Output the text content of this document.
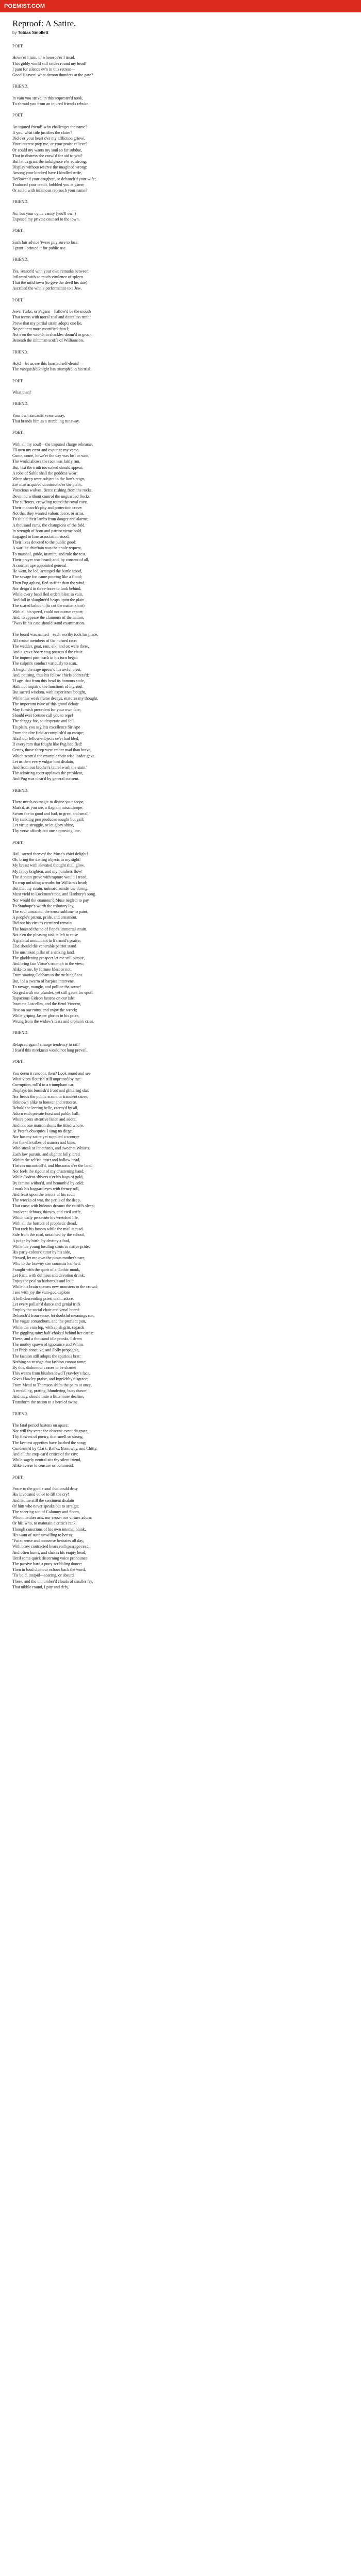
POEMIST.COM
Reproof: A Satire.
by Tobias Smollett
POET.
Howe'er I turn, or wheresoe'er I tread,
This giddy world still rattles round my head!
I pant for silence ev'n in this retreat—
Good Heaven! what demon thunders at the gate?
FRIEND.
In vain you strive, in this sequester'd nook,
To shroud you from an injured friend's rebuke.
POET.
An injured friend!-who challenges the name?
If you, what title justifies the claim?
Did e'er your heart o'er my affliction grieve,
Your interest prop me, or your praise relieve?
Or could my wants my soul so far subdue,
That in distress she crawl'd for aid to you?
But let us grant the indulgence e'er so strong;
Display without reserve the imagined wrong:
Among your kindred have I kindled strife,
Deflower'd your daughter, or debauch'd your wife;
Traduced your credit, bubbled you at game;
Or soil'd with infamous reproach your name?
FRIEND.
No; but your cynic vanity (you'll own)
Exposed my private counsel to the town.
POET.
Such fair advice 'twere pity sure to lose:
I grant I printed it for public use.
FRIEND.
Yes, season'd with your own remarks between,
Inflamed with so much virulence of spleen
That the mild town (to give the devil his due)
Ascribed the whole performance to a Jew.
POET.
Jews, Turks, or Pagans—hallow'd be the mouth
That teems with moral zeal and dauntless truth!
Prove that my partial strain adopts one lie,
No penitent more mortified than I;
Not e'en the wretch in shackles doom'd to groan,
Beneath the inhuman scoffs of Williamson.
FRIEND.
Hold—let us see this boasted self-denial—
The vanquish'd knight has triumph'd in his trial.
POET.
What then?
FRIEND.
Your own sarcastic verse unsay,
That brands him as a trembling runaway.
POET.
With all my soul!—the imputed charge rehearse;
I'll own my error and expunge my verse.
Come, come, howe'er the day was lost or won,
The world allows the race was fairly run.
But, lest the truth too naked should appear,
A robe of Sable shall the goddess wear:
When sheep were subject to the lion's reign,
Ere man acquired dominion o'er the plain,
Voracious wolves, fierce rushing from the rocks,
Devour'd without control the unguarded flocks:
The sufferers, crowding round the royal cave,
Their monarch's pity and protection crave:
Not that they wanted valour, force, or arms,
To shield their lambs from danger and alarms;
A thousand rams, the champions of the fold,
In strength of horn and patriot virtue bold,
Engaged in firm association stood,
Their lives devoted to the public good:
A warlike chieftain was their sole request,
To marshal, guide, instruct, and rule the rest.
Their prayer was heard; and, by consent of all,
A courtier ape appointed general.
He went, he led, arranged the battle stood,
The savage foe came pouring like a flood;
Then Pug aghast, fled swifter than the wind,
Nor deign'd in three-leave to look behind;
While every band fled orders bleat in vain,
And fall in slaughter'd heaps upon the plain.
The scared baboon, (to cut the matter short)
With all his speed, could not outrun report;
And, to appease the clamours of the nation,
'Twas fit his case should stand examination.

The board was named—each worthy took his place,
All senior members of the horned race:
The wedder, goat, ram, elk, and ox were there,
And a grave hoary stag possess'd the chair.
The inquest past, each in his turn began
The culprit's conduct variously to scan.
A length the sage uprear'd his awful crest,
And, pausing, thus his fellow chiefs address'd:
'If age, that from this head its honours stole,
Hath not impair'd the functions of my soul,
But sacred wisdom, with experience bought,
While this weak frame decays, matures my thought,
The important issue of this grand debate
May furnish precedent for your own fate;
Should ever fortune call you to repel
The shaggy foe, so desperate and fell.
Tis plain, you say, his excellence Sir Ape
From the dire field accomplish'd an escape;
Alas! our fellow-subjects ne'er had bled,
If every ram that fought like Pug had fled!
Certes, those sheep were rather mad than brave,
Which scorn'd the example their wise leader gave.
Let us then every vulgar hint disdain,
And from our brother's laurel wash the stain.'
The admiring court applauds the president,
And Pug was clear'd by general consent.
FRIEND.
There needs no magic to divine your scope,
Mark'd, as you are, a flagrant misanthrope:
Sworn foe to good and bad, to great and small,
Thy rankling pen produces nought but gall:
Let virtue struggle, or let glory shine,
Thy verse affords not one approving line.
POET.
Hail, sacred themes! the Muse's chief delight!
Oh, bring the darling objects to my sight!
My breast with elevated thought shall glow,
My fancy brighten, and my numbers flow!
The Aonian grove with rapture would I tread,
To crop unfading wreaths for William's head;
But that my strain, unheard amidst the throng,
Must yield to Lockman's ode, and Hanbury's song.
Nor would the enamour'd Muse neglect to pay
To Stanhope's worth the tributary lay,
The soul unstain'd, the sense sublime to paint,
A people's patron, pride, and ornament,
Did not his virtues eternized remain
The boasted theme of Pope's immortal strain.
Not e'en the pleasing task is left to raise
A grateful monument to Barnard's praise;
Else should the venerable patriot stand
The unshaken pillar of a sinking land.
The gladdening prospect let me still pursue,
And bring fair Virtue's triumph to the view;
Alike to me, by fortune blest or not,
From soaring Cobham to the melting Scot.
But, lo! a swarm of harpies intervene,
To ravage, mangle, and pollute the scene!
Gorged with our plunder, yet still gaunt for spoil,
Rapacious Gideon fastens on our isle:
Insatiate Lascelles, and the fiend Vincent,
Rise on our ruins, and enjoy the wreck;
While griping Jasper glories in his prize,
Wrung from the widow's tears and orphan's cries.
FRIEND.
Relapsed again! strange tendency to rail!
I fear'd this meekness would not long prevail.
POET.
You deem it rancour, then? Look round and see
What vices flourish still unpruned by me:
Corruption, roll'd in a triumphant car,
Displays his burnish'd front and glittering star;
Nor heeds the public scorn, or transient curse,
Unknown alike to honour and remorse.
Behold the leering belle, caress'd by all,
Adorn each private feast and public ball;
Where peers attentive listen and adore,
And not one matron shuns the titled whore.
At Peter's obsequies I sung no dirge;
Nor has my satire yet supplied a scourge
For the vile tribes of usurers and bites,
Who sneak at Jonathan's, and swear at White's.
Each low pursuit, and slighter folly, bred
Within the selfish heart and hollow head,
Thrives uncontroll'd, and blossoms o'er the land,
Nor feels the rigour of my chastening hand:
While Codrus shivers o'er his bags of gold,
By famine wither'd, and benumb'd by cold;
I mark his haggard eyes with frenzy roll,
And feast upon the terrors of his soul;
The wrecks of war, the perils of the deep,
That curse with hideous dreams the caitiff's sleep;
Insolvent debtors, thieves, and civil strife,
Which daily persecute his wretched life,
With all the horrors of prophetic dread,
That rack his bosom while the mail is read.
Safe from the road, untainted by the school,
A judge by birth, by destiny a fool,
While the young lordling struts in native pride,
His party-colour'd tutor by his side,
Pleased, let me own the pious mother's care,
Who to the brawny sire commits her heir.
Fraught with the spirit of a Gothic monk,
Let Rich, with dullness and devotion drunk,
Enjoy the peal so barbarous and loud,
While his brain spawns new monsters to the crowd;
I see with joy the vain-god deplore
A hell-descending priest and... adore.
Let every pollish'd dance and genial trick
Employ the social chair and venal board:
Debauch'd from sense, let doubtful meanings run,
The vague conundrum, and the prurient pun,
While the vain fop, with apish grin, regards
The giggling minx half-choked behind her cards:
These, and a thousand idle pranks, I deem
The motley spawn of ignorance and Whim.
Let Pride conceive, and Folly propagate,
The fashion still adopts the spurious brat:
Nothing so strange that fashion cannot tame;
By this, dishonour ceases to be shame:
This weans from blushes lewd Tyrawley's face,
Gives Hawley praise, and Ingoldsby disgrace;
From Mead to Thomson shifts the palm at once,
A meddling, prating, blundering, busy dunce!
And may, should taste a little more decline,
Transform the nation to a herd of swine.
FRIEND.
The fatal period hastens on apace:
Nor will thy verse the obscene event disgrace;
Thy flowers of poetry, that smell so strong,
The keenest appetites have loathed the song;
Condemn'd by Clark, Banks, Barrowby, and Chitty,
And all the crop-ear'd critics of the city:
While sagely neutral sits thy silent friend,
Alike averse to censure or commend.
POET.
Peace to the gentle soul that could deny
His invocated voice to fill the cry!
And let me still the sentiment disdain
Of him who never speaks but to arraign;
The sneering son of Calumny and Scorn,
Whom neither arts, nor sense, nor virtues adorn;
Or his, who, to maintain a critic's rank,
Though conscious of his own internal blank,
His want of taste unwilling to betray,
'Twixt sense and nonsense hesitates all day,
With brow contracted hears each passage read,
And often hums, and shakes his empty head,
Until some quick discerning voice pronounce
The passive bard a puny scribbling dunce;
Then in loud clamour echoes back the word,
'Tis bold, insipid—soaring, or absurd.'
These, and the unnumber'd clouds of smaller fry,
That nibble round, I pity and defy.
